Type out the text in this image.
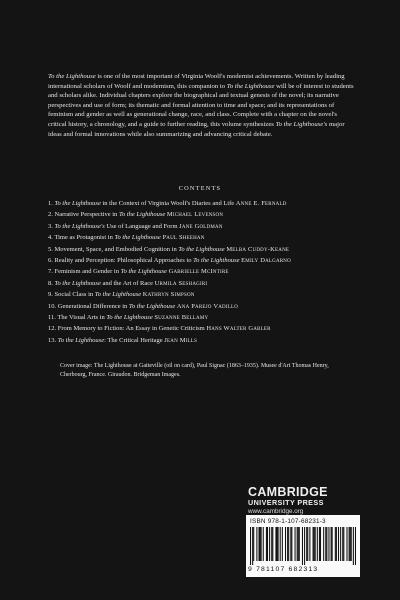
To the Lighthouse is one of the most important of Virginia Woolf's modernist achievements. Written by leading international scholars of Woolf and modernism, this companion to To the Lighthouse will be of interest to students and scholars alike. Individual chapters explore the biographical and textual genesis of the novel; its narrative perspectives and use of form; its thematic and formal attention to time and space; and its representations of feminism and gender as well as generational change, race, and class. Complete with a chapter on the novel's critical history, a chronology, and a guide to further reading, this volume synthesizes To the Lighthouse's major ideas and formal innovations while also summarizing and advancing critical debate.

CONTENTS
1. To the Lighthouse in the Context of Virginia Woolf's Diaries and Life Anne E. Fernald
2. Narrative Perspective in To the Lighthouse Michael Levenson
3. To the Lighthouse's Use of Language and Form Jane Goldman
4. Time as Protagonist in To the Lighthouse Paul Sheehan
5. Movement, Space, and Embodied Cognition in To the Lighthouse Melba Cuddy-Keane
6. Reality and Perception: Philosophical Approaches to To the Lighthouse Emily Dalgarno
7. Feminism and Gender in To the Lighthouse Gabrielle McIntire
8. To the Lighthouse and the Art of Race Urmila Seshagiri
9. Social Class in To the Lighthouse Kathryn Simpson
10. Generational Difference in To the Lighthouse Ana Parejo Vadillo
11. The Visual Arts in To the Lighthouse Suzanne Bellamy
12. From Memory to Fiction: An Essay in Genetic Criticism Hans Walter Gabler
13. To the Lighthouse: The Critical Heritage Jean Mills
Cover image: The Lighthouse at Gatteville (oil on card), Paul Signac (1863–1935). Musee d'Art Thomas Henry, Cherbourg, France. Giraudon. Bridgeman Images.
CAMBRIDGE
UNIVERSITY PRESS
www.cambridge.org
ISBN 978-1-107-68231-3
9 781107 682313
